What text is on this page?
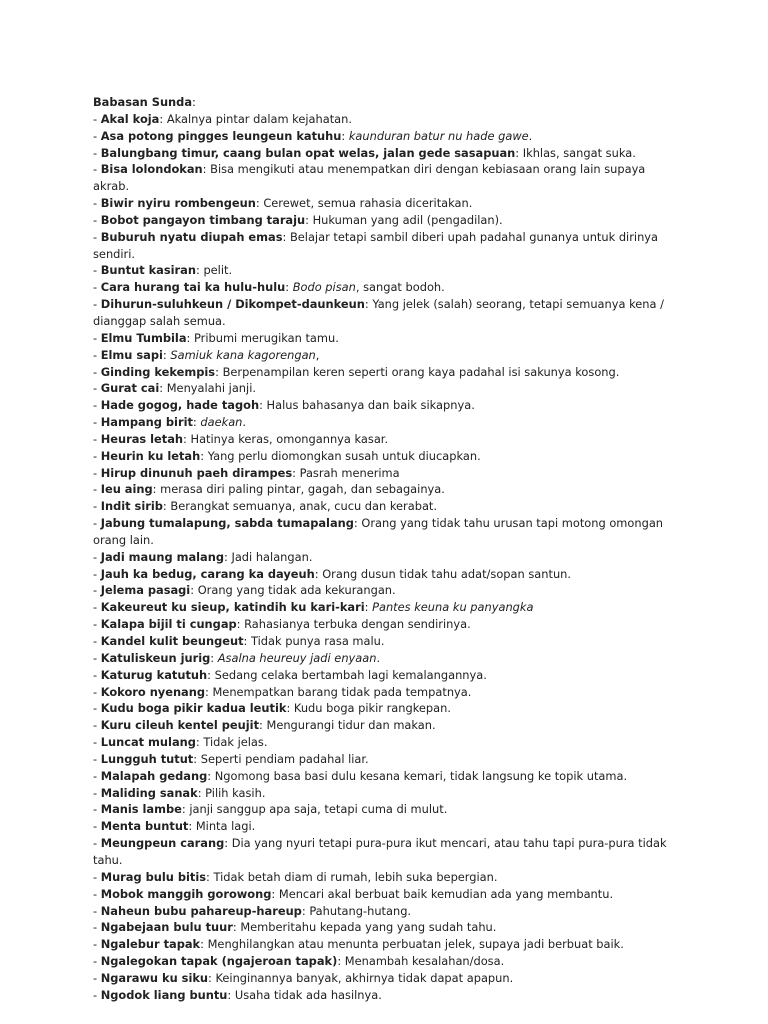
Babasan Sunda:
- Akal koja: Akalnya pintar dalam kejahatan.
- Asa potong pingges leungeun katuhu: kaunduran batur nu hade gawe.
- Balungbang timur, caang bulan opat welas, jalan gede sasapuan: Ikhlas, sangat suka.
- Bisa lolondokan: Bisa mengikuti atau menempatkan diri dengan kebiasaan orang lain supaya akrab.
- Biwir nyiru rombengeun: Cerewet, semua rahasia diceritakan.
- Bobot pangayon timbang taraju: Hukuman yang adil (pengadilan).
- Buburuh nyatu diupah emas: Belajar tetapi sambil diberi upah padahal gunanya untuk dirinya sendiri.
- Buntut kasiran: pelit.
- Cara hurang tai ka hulu-hulu: Bodo pisan, sangat bodoh.
- Dihurun-suluhkeun / Dikompet-daunkeun: Yang jelek (salah) seorang, tetapi semuanya kena / dianggap salah semua.
- Elmu Tumbila: Pribumi merugikan tamu.
- Elmu sapi: Samiuk kana kagorengan,
- Ginding kekempis: Berpenampilan keren seperti orang kaya padahal isi sakunya kosong.
- Gurat cai: Menyalahi janji.
- Hade gogog, hade tagoh: Halus bahasanya dan baik sikapnya.
- Hampang birit: daekan.
- Heuras letah: Hatinya keras, omongannya kasar.
- Heurin ku letah: Yang perlu diomongkan susah untuk diucapkan.
- Hirup dinunuh paeh dirampes: Pasrah menerima
- Ieu aing: merasa diri paling pintar, gagah, dan sebagainya.
- Indit sirib: Berangkat semuanya, anak, cucu dan kerabat.
- Jabung tumalapung, sabda tumapalang: Orang yang tidak tahu urusan tapi motong omongan orang lain.
- Jadi maung malang: Jadi halangan.
- Jauh ka bedug, carang ka dayeuh: Orang dusun tidak tahu adat/sopan santun.
- Jelema pasagi: Orang yang tidak ada kekurangan.
- Kakeureut ku sieup, katindih ku kari-kari: Pantes keuna ku panyangka
- Kalapa bijil ti cungap: Rahasianya terbuka dengan sendirinya.
- Kandel kulit beungeut: Tidak punya rasa malu.
- Katuliskeun jurig: Asalna heureuy jadi enyaan.
- Katurug katutuh: Sedang celaka bertambah lagi kemalangannya.
- Kokoro nyenang: Menempatkan barang tidak pada tempatnya.
- Kudu boga pikir kadua leutik: Kudu boga pikir rangkepan.
- Kuru cileuh kentel peujit: Mengurangi tidur dan makan.
- Luncat mulang: Tidak jelas.
- Lungguh tutut: Seperti pendiam padahal liar.
- Malapah gedang: Ngomong basa basi dulu kesana kemari, tidak langsung ke topik utama.
- Maliding sanak: Pilih kasih.
- Manis lambe: janji sanggup apa saja, tetapi cuma di mulut.
- Menta buntut: Minta lagi.
- Meungpeun carang: Dia yang nyuri tetapi pura-pura ikut mencari, atau tahu tapi pura-pura tidak tahu.
- Murag bulu bitis: Tidak betah diam di rumah, lebih suka bepergian.
- Mobok manggih gorowong: Mencari akal berbuat baik kemudian ada yang membantu.
- Naheun bubu pahareup-hareup: Pahutang-hutang.
- Ngabejaan bulu tuur: Memberitahu kepada yang yang sudah tahu.
- Ngalebur tapak: Menghilangkan atau menunta perbuatan jelek, supaya jadi berbuat baik.
- Ngalegokan tapak (ngajeroan tapak): Menambah kesalahan/dosa.
- Ngarawu ku siku: Keinginannya banyak, akhirnya tidak dapat apapun.
- Ngodok liang buntu: Usaha tidak ada hasilnya.
